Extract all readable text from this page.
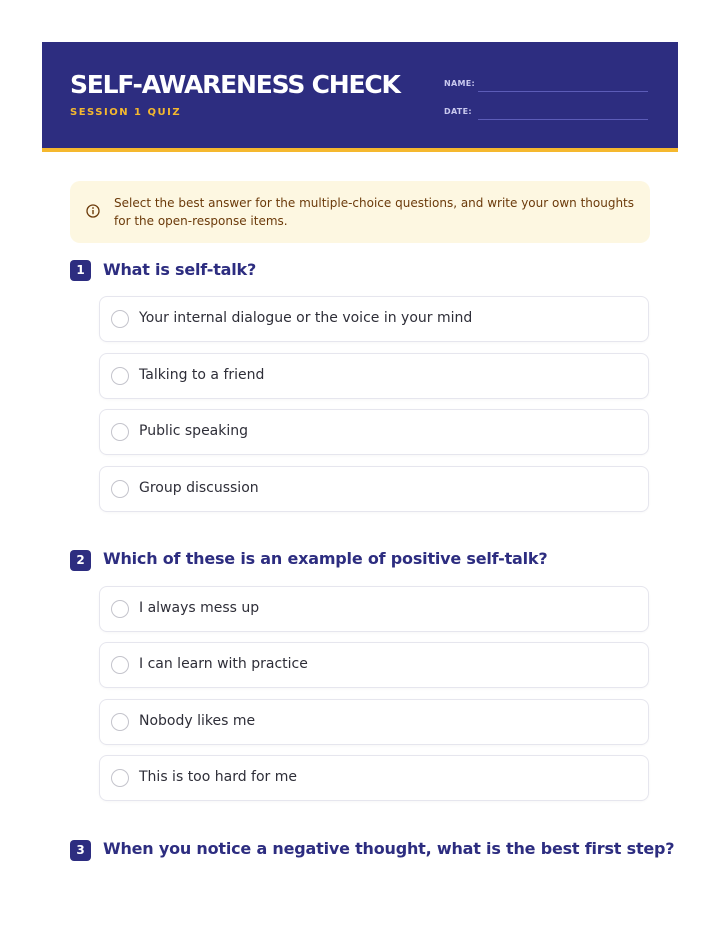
SELF-AWARENESS CHECK
SESSION 1 QUIZ
NAME:
DATE:
Select the best answer for the multiple-choice questions, and write your own thoughts for the open-response items.
1	What is self-talk?
Your internal dialogue or the voice in your mind
Talking to a friend
Public speaking
Group discussion
2	Which of these is an example of positive self-talk?
I always mess up
I can learn with practice
Nobody likes me
This is too hard for me
3	When you notice a negative thought, what is the best first step?
